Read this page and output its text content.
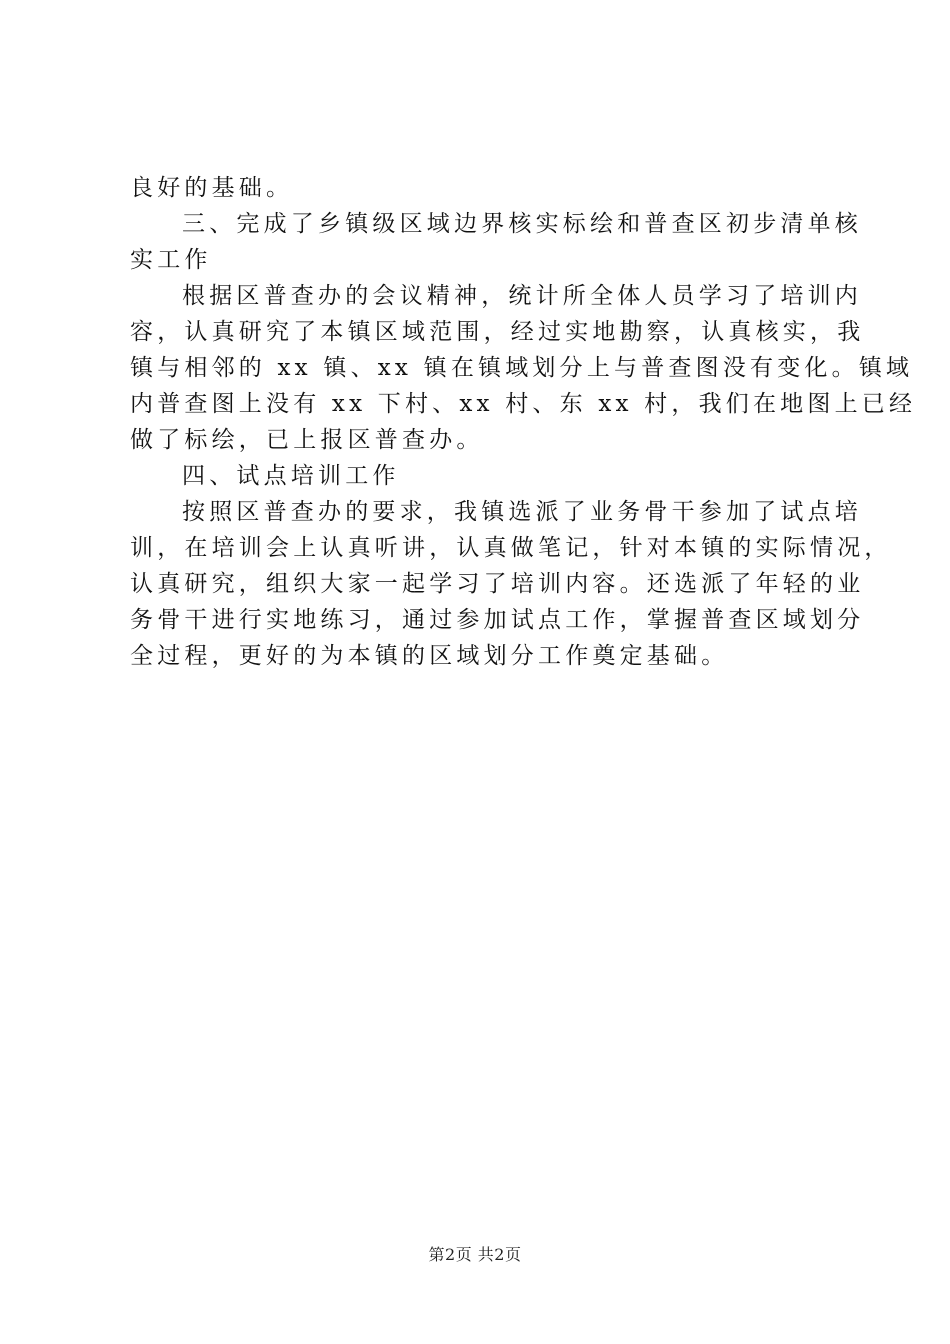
良好的基础。
三、完成了乡镇级区域边界核实标绘和普查区初步清单核
实工作
根据区普查办的会议精神，统计所全体人员学习了培训内
容，认真研究了本镇区域范围，经过实地勘察，认真核实，我
镇与相邻的 xx 镇、xx 镇在镇域划分上与普查图没有变化。镇域
内普查图上没有 xx 下村、xx 村、东 xx 村，我们在地图上已经
做了标绘，已上报区普查办。
四、试点培训工作
按照区普查办的要求，我镇选派了业务骨干参加了试点培
训，在培训会上认真听讲，认真做笔记，针对本镇的实际情况，
认真研究，组织大家一起学习了培训内容。还选派了年轻的业
务骨干进行实地练习，通过参加试点工作，掌握普查区域划分
全过程，更好的为本镇的区域划分工作奠定基础。
第2页 共2页
